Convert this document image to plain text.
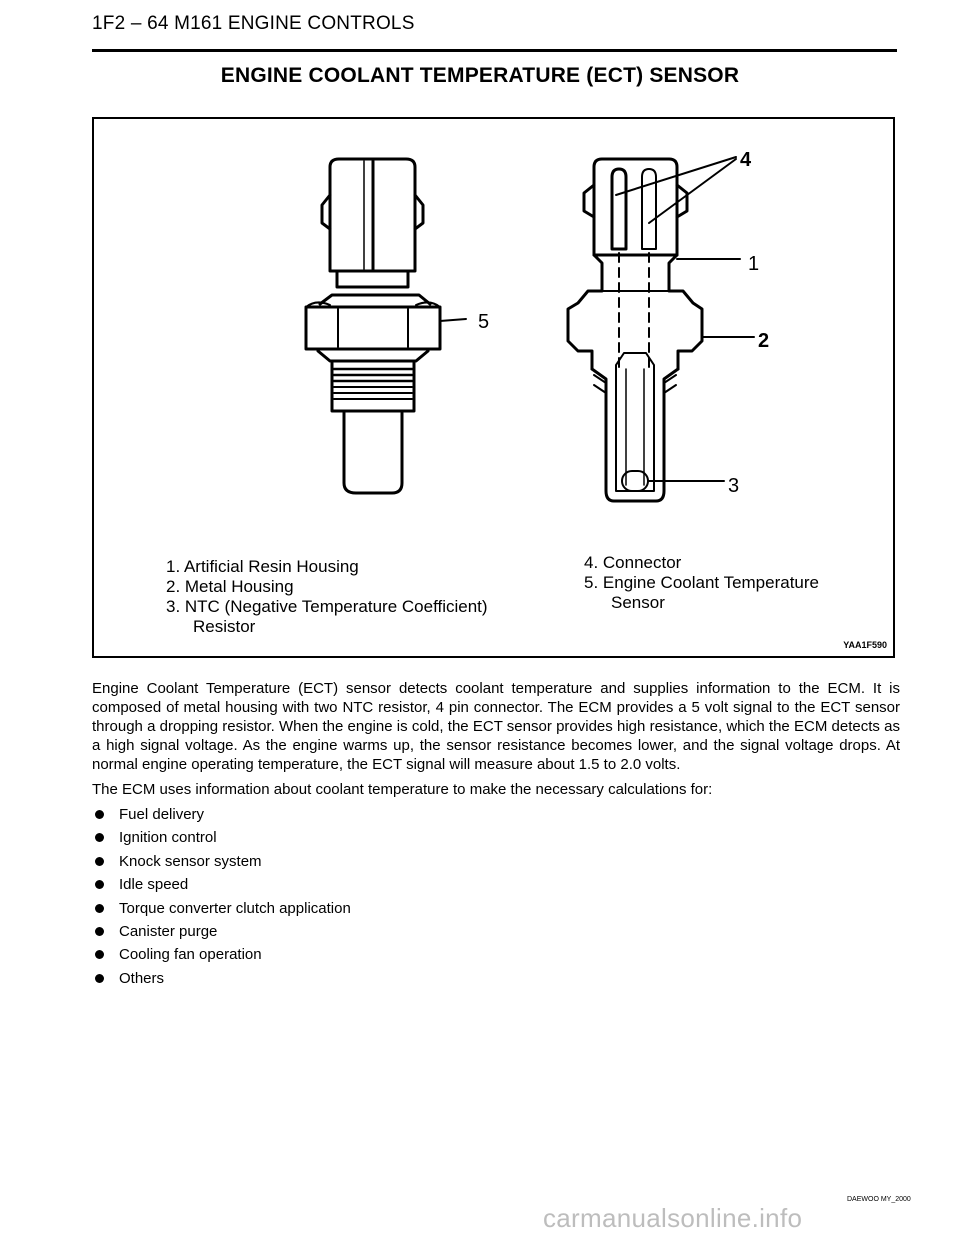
1F2 – 64 M161 ENGINE CONTROLS
ENGINE COOLANT TEMPERATURE (ECT) SENSOR
4
1
5
2
3
1. Artificial Resin Housing
2. Metal Housing
3. NTC (Negative Temperature Coefficient)
Resistor
4. Connector
5. Engine Coolant Temperature
Sensor
YAA1F590

Engine Coolant Temperature (ECT) sensor detects coolant temperature and supplies information to the ECM. It is composed of metal housing with two NTC resistor, 4 pin connector. The ECM provides a 5 volt signal to the ECT sensor through a dropping resistor. When the engine is cold, the ECT sensor provides high resistance, which the ECM detects as a high signal voltage. As the engine warms up, the sensor resistance becomes lower, and the signal voltage drops. At normal engine operating temperature, the ECT signal will measure about 1.5 to 2.0 volts.

The ECM uses information about coolant temperature to make the necessary calculations for:

Fuel delivery
Ignition control
Knock sensor system
Idle speed
Torque converter clutch application
Canister purge
Cooling fan operation
Others
DAEWOO MY_2000
carmanualsonline.info
